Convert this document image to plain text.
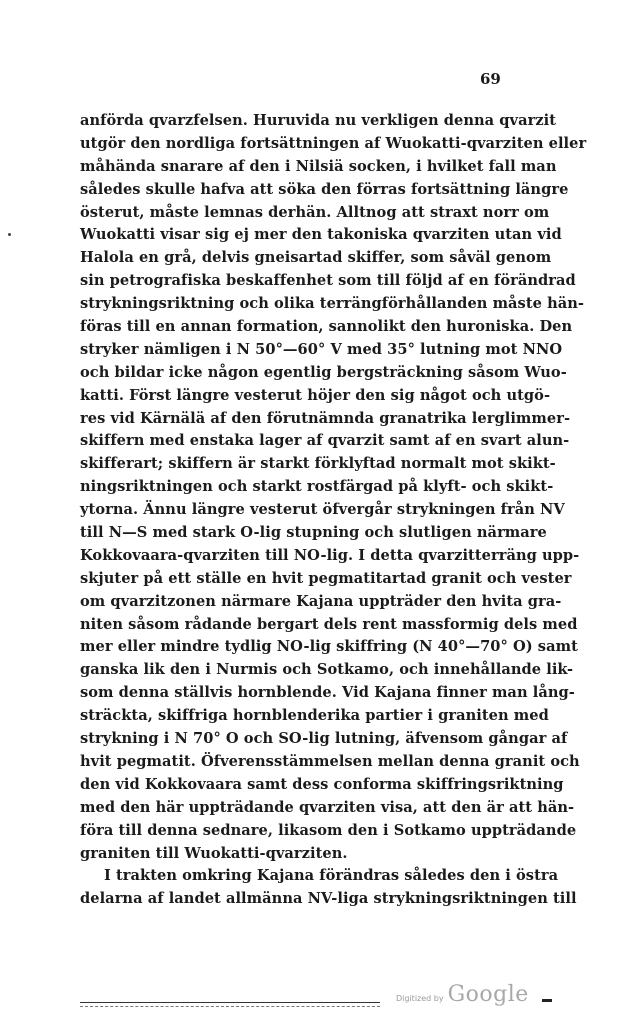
69
anförda qvarzfelsen. Huruvida nu verkligen denna qvarzit
utgör den nordliga fortsättningen af Wuokatti-qvarziten eller
måhända snarare af den i Nilsiä socken, i hvilket fall man
således skulle hafva att söka den förras fortsättning längre
österut, måste lemnas derhän. Alltnog att straxt norr om
Wuokatti visar sig ej mer den takoniska qvarziten utan vid
Halola en grå, delvis gneisartad skiffer, som såväl genom
sin petrografiska beskaffenhet som till följd af en förändrad
strykningsriktning och olika terrängförhållanden måste hän-
föras till en annan formation, sannolikt den huroniska. Den
stryker nämligen i N 50°—60° V med 35° lutning mot NNO
och bildar icke någon egentlig bergsträckning såsom Wuo-
katti. Först längre vesterut höjer den sig något och utgö-
res vid Kärnälä af den förutnämnda granatrika lerglimmer-
skiffern med enstaka lager af qvarzit samt af en svart alun-
skifferart; skiffern är starkt förklyftad normalt mot skikt-
ningsriktningen och starkt rostfärgad på klyft- och skikt-
ytorna. Ännu längre vesterut öfvergår strykningen från NV
till N—S med stark O-lig stupning och slutligen närmare
Kokkovaara-qvarziten till NO-lig. I detta qvarzitterräng upp-
skjuter på ett ställe en hvit pegmatitartad granit och vester
om qvarzitzonen närmare Kajana uppträder den hvita gra-
niten såsom rådande bergart dels rent massformig dels med
mer eller mindre tydlig NO-lig skiffring (N 40°—70° O) samt
ganska lik den i Nurmis och Sotkamo, och innehållande lik-
som denna ställvis hornblende. Vid Kajana finner man lång-
sträckta, skiffriga hornblenderika partier i graniten med
strykning i N 70° O och SO-lig lutning, äfvensom gångar af
hvit pegmatit. Öfverensstämmelsen mellan denna granit och
den vid Kokkovaara samt dess conforma skiffringsriktning
med den här uppträdande qvarziten visa, att den är att hän-
föra till denna sednare, likasom den i Sotkamo uppträdande
graniten till Wuokatti-qvarziten.
I trakten omkring Kajana förändras således den i östra
delarna af landet allmänna NV-liga strykningsriktningen till
Digitized by Google
